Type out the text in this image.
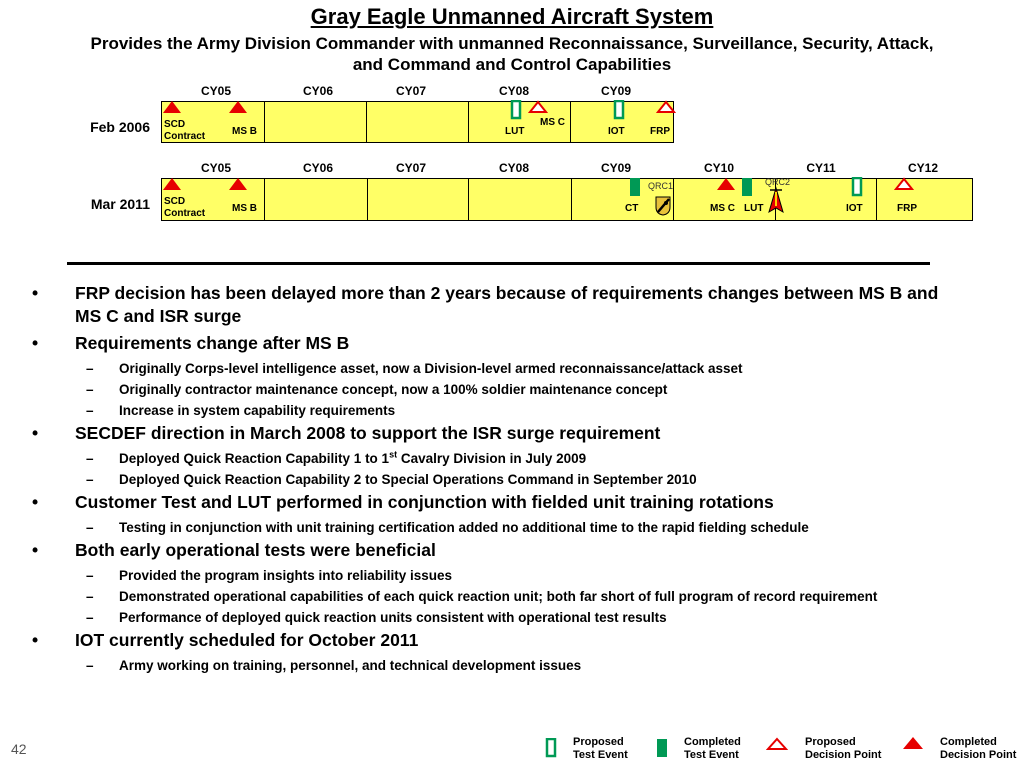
Gray Eagle Unmanned Aircraft System
Provides the Army Division Commander with unmanned Reconnaissance, Surveillance, Security, Attack, and Command and Control Capabilities
CY05	CY06	CY07	CY08	CY09
Feb 2006 SCD
Contract	MS B	LUT
MS C
IOT	FRP
CY05	CY06	CY07	CY08	CY09	CY10	CY11	CY12
Mar 2011
QRC1	QRC2
SCD
Contract	MS B	CT	MS C LUT	IOT	FRP
• FRP decision has been delayed more than 2 years because of requirements changes between MS B and MS C and ISR surge
• Requirements change after MS B
– Originally Corps-level intelligence asset, now a Division-level armed reconnaissance/attack asset
– Originally contractor maintenance concept, now a 100% soldier maintenance concept
– Increase in system capability requirements
• SECDEF direction in March 2008 to support the ISR surge requirement
– Deployed Quick Reaction Capability 1 to 1st Cavalry Division in July 2009
– Deployed Quick Reaction Capability 2 to Special Operations Command in September 2010
• Customer Test and LUT performed in conjunction with fielded unit training rotations
– Testing in conjunction with unit training certification added no additional time to the rapid fielding schedule
• Both early operational tests were beneficial
– Provided the program insights into reliability issues
– Demonstrated operational capabilities of each quick reaction unit; both far short of full program of record requirement
– Performance of deployed quick reaction units consistent with operational test results
• IOT currently scheduled for October 2011
– Army working on training, personnel, and technical development issues
42	Proposed
Test Event
Completed
Test Event
Proposed
Decision Point
Completed
Decision Point
